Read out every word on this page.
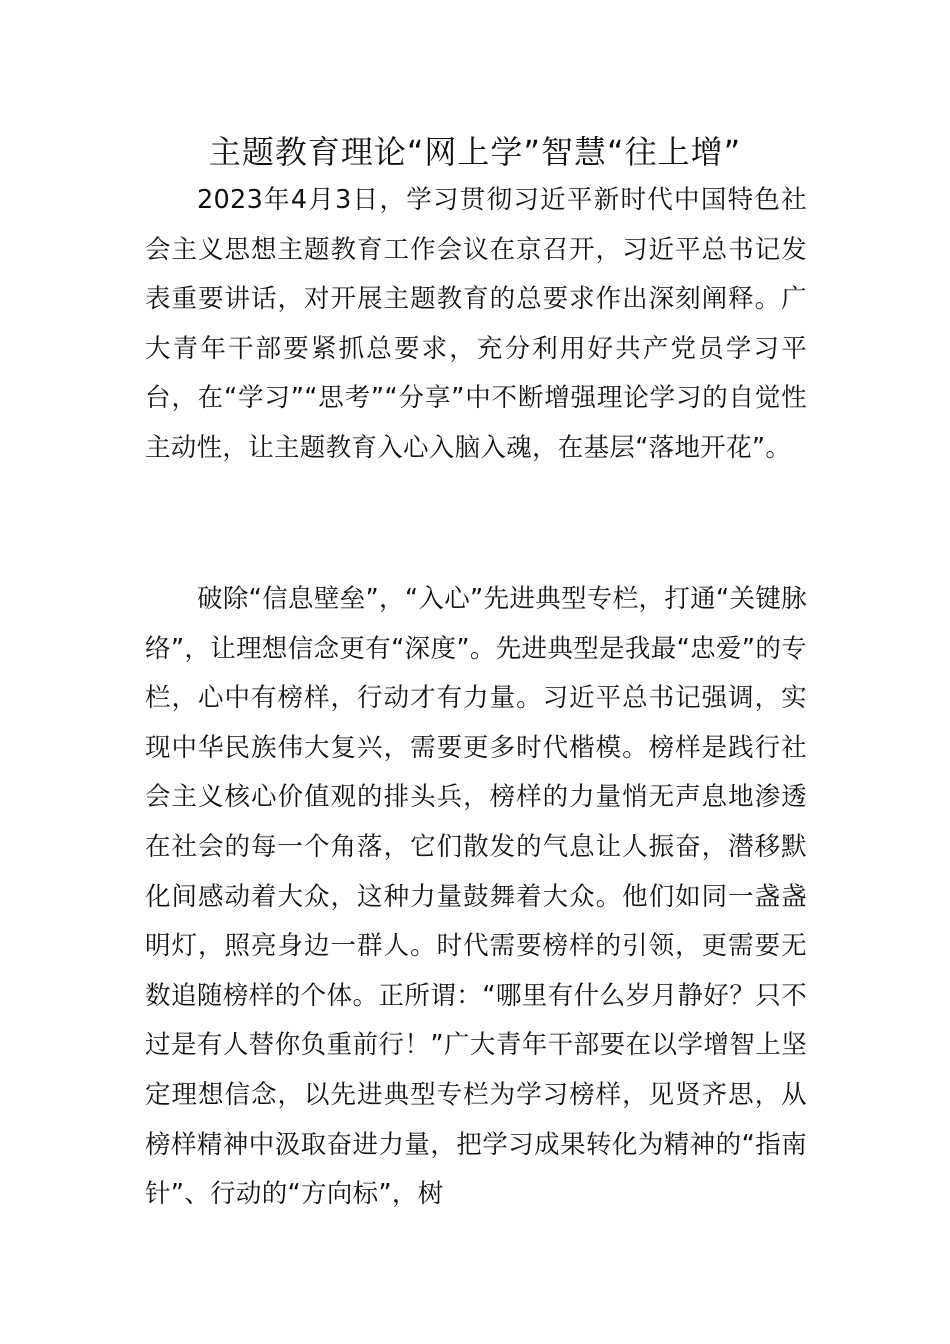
主题教育理论“网上学”智慧“往上增”

2023年4月3日，学习贯彻习近平新时代中国特色社会主义思想主题教育工作会议在京召开，习近平总书记发表重要讲话，对开展主题教育的总要求作出深刻阐释。广大青年干部要紧抓总要求，充分利用好共产党员学习平台，在“学习”“思考”“分享”中不断增强理论学习的自觉性主动性，让主题教育入心入脑入魂，在基层“落地开花”。

破除“信息壁垒”，“入心”先进典型专栏，打通“关键脉络”，让理想信念更有“深度”。先进典型是我最“忠爱”的专栏，心中有榜样，行动才有力量。习近平总书记强调，实现中华民族伟大复兴，需要更多时代楷模。榜样是践行社会主义核心价值观的排头兵，榜样的力量悄无声息地渗透在社会的每一个角落，它们散发的气息让人振奋，潜移默化间感动着大众，这种力量鼓舞着大众。他们如同一盏盏明灯，照亮身边一群人。时代需要榜样的引领，更需要无数追随榜样的个体。正所谓：“哪里有什么岁月静好？只不过是有人替你负重前行！”广大青年干部要在以学增智上坚定理想信念，以先进典型专栏为学习榜样，见贤齐思，从榜样精神中汲取奋进力量，把学习成果转化为精神的“指南针”、行动的“方向标”，树
